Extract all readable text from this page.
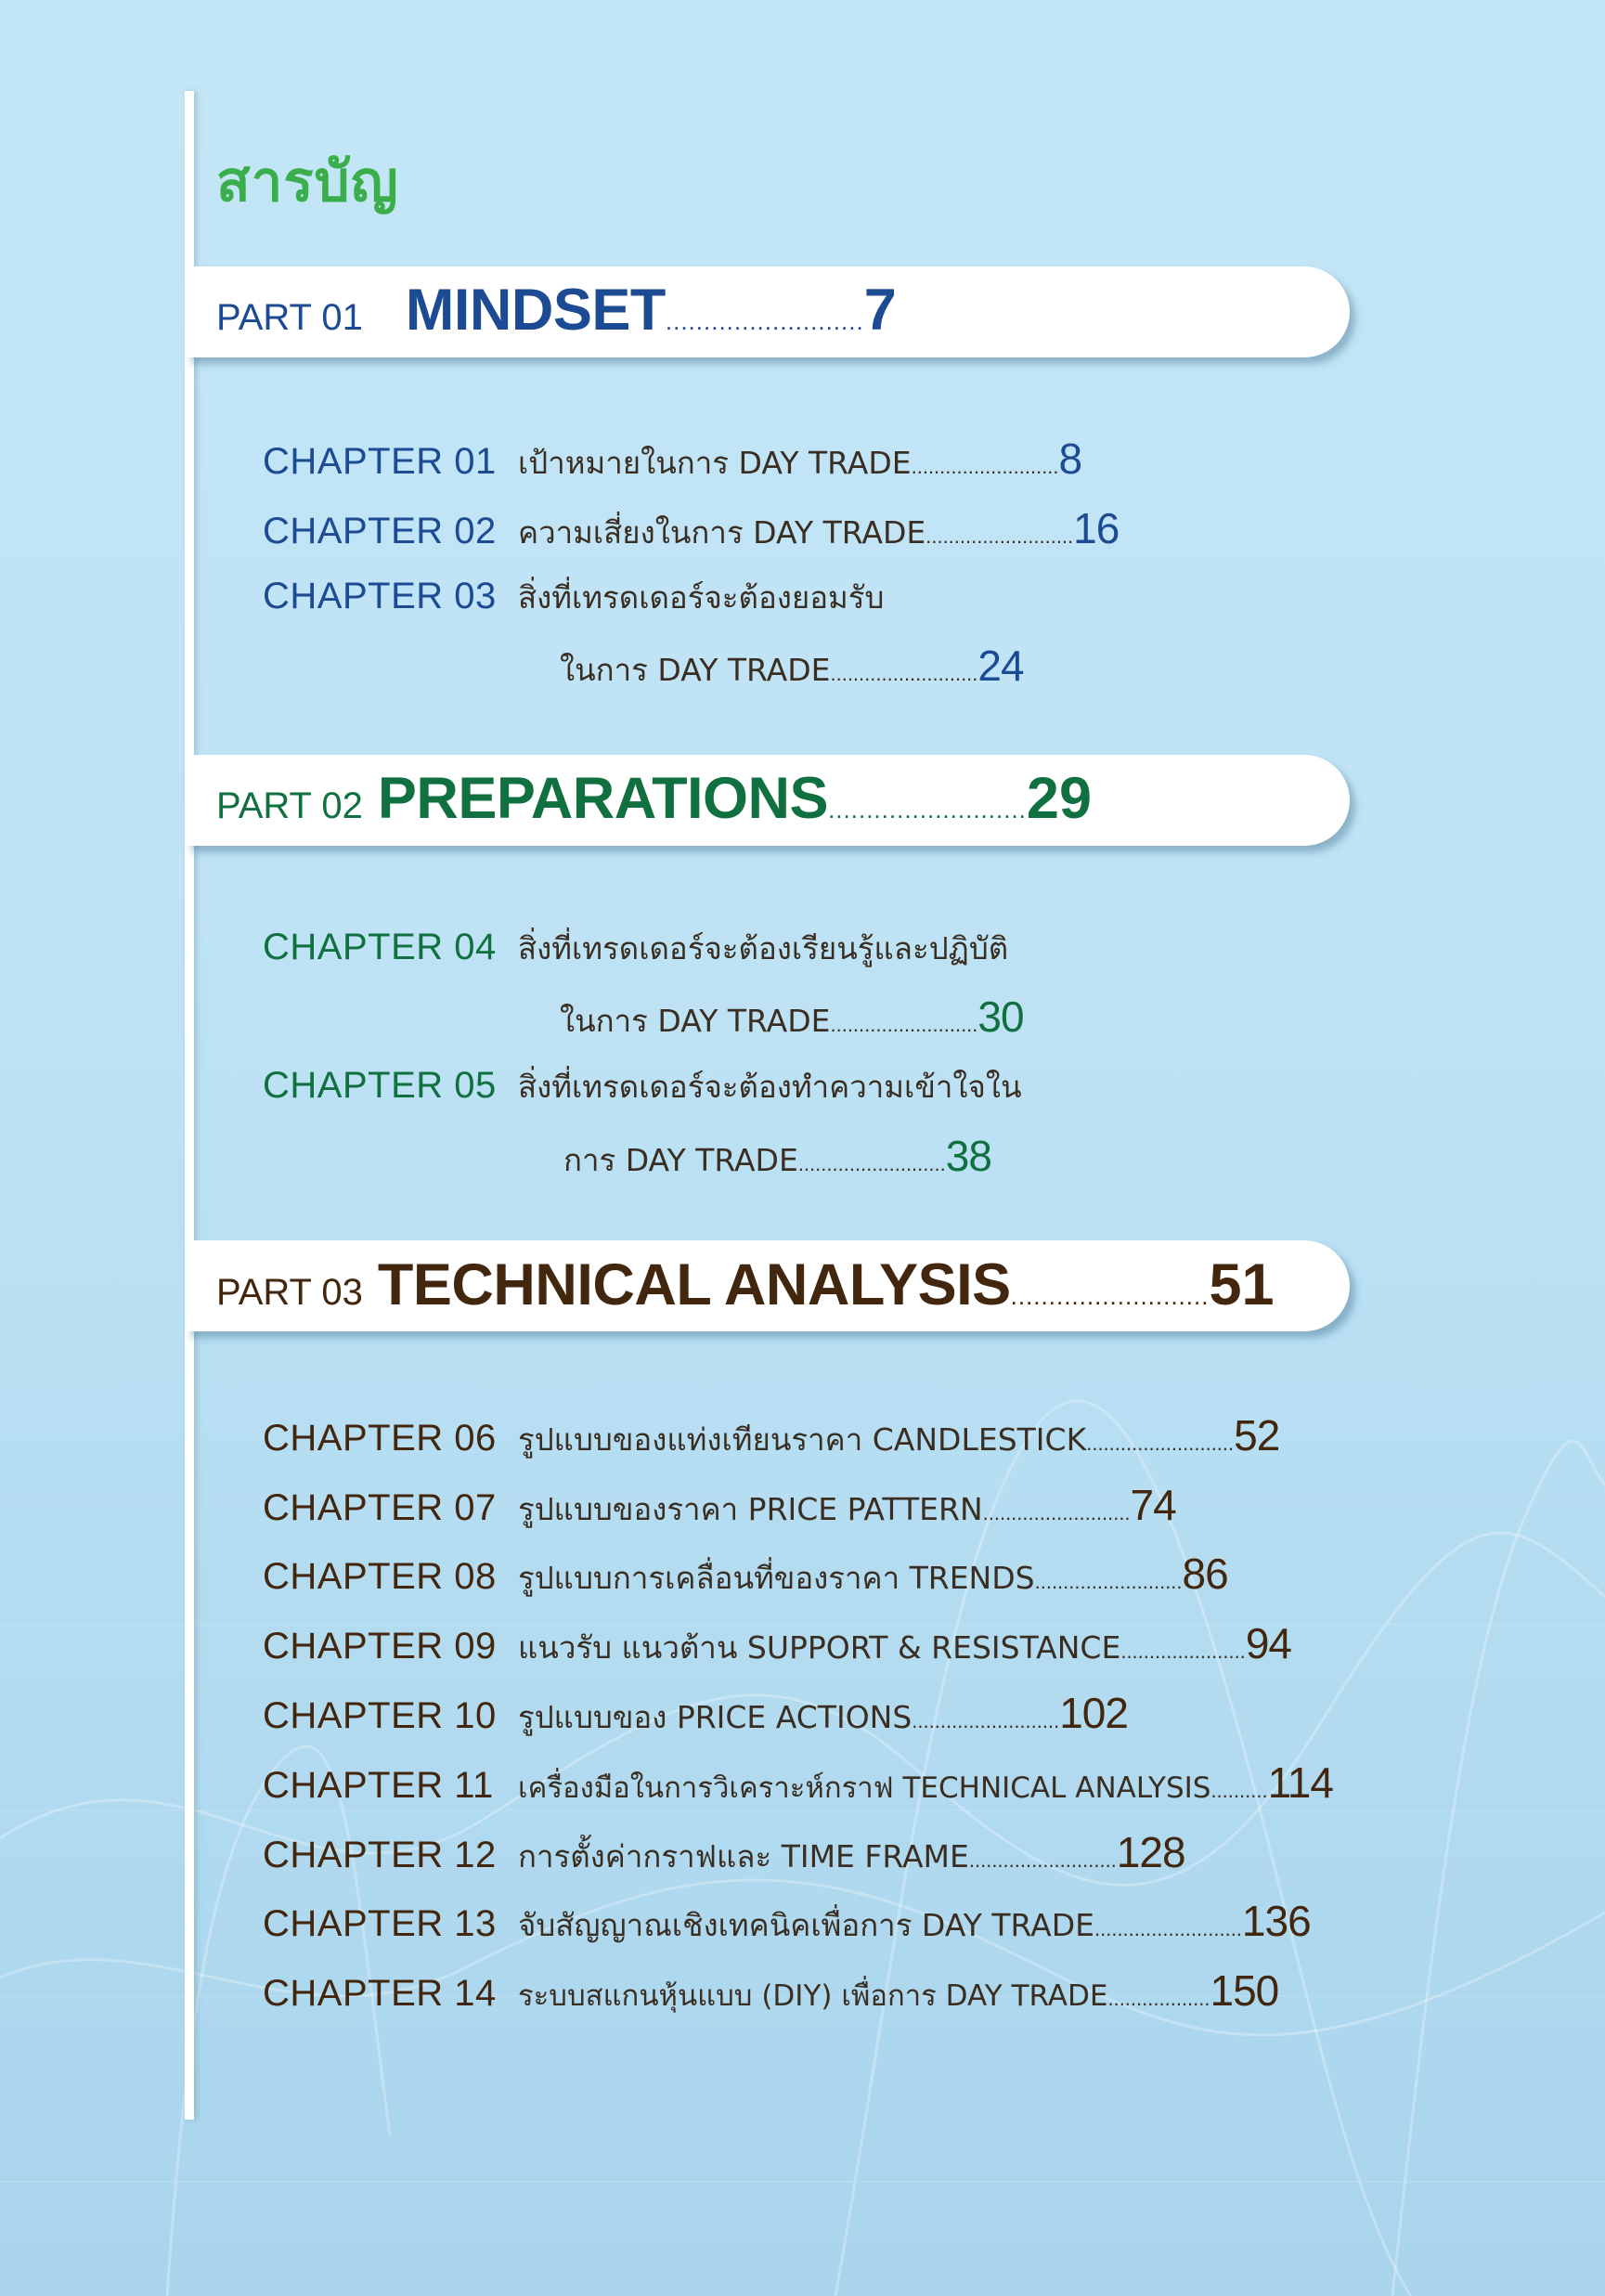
สารบัญ
PART 01 MINDSET .......................... 7
CHAPTER 01 เป้าหมายในการ DAY TRADE .......................... 8
CHAPTER 02 ความเสี่ยงในการ DAY TRADE .......................... 16
CHAPTER 03 สิ่งที่เทรดเดอร์จะต้องยอมรับ
ในการ DAY TRADE .......................... 24
PART 02 PREPARATIONS .......................... 29
CHAPTER 04 สิ่งที่เทรดเดอร์จะต้องเรียนรู้และปฏิบัติ
ในการ DAY TRADE .......................... 30
CHAPTER 05 สิ่งที่เทรดเดอร์จะต้องทำความเข้าใจใน
การ DAY TRADE .......................... 38
PART 03 TECHNICAL ANALYSIS .......................... 51
CHAPTER 06 รูปแบบของแท่งเทียนราคา CANDLESTICK .......................... 52
CHAPTER 07 รูปแบบของราคา PRICE PATTERN .......................... 74
CHAPTER 08 รูปแบบการเคลื่อนที่ของราคา TRENDS .......................... 86
CHAPTER 09 แนวรับ แนวต้าน SUPPORT & RESISTANCE ...................... 94
CHAPTER 10 รูปแบบของ PRICE ACTIONS .......................... 102
CHAPTER 11 เครื่องมือในการวิเคราะห์กราฟ TECHNICAL ANALYSIS .......... 114
CHAPTER 12 การตั้งค่ากราฟและ TIME FRAME .......................... 128
CHAPTER 13 จับสัญญาณเชิงเทคนิคเพื่อการ DAY TRADE .......................... 136
CHAPTER 14 ระบบสแกนหุ้นแบบ (DIY) เพื่อการ DAY TRADE .................. 150
